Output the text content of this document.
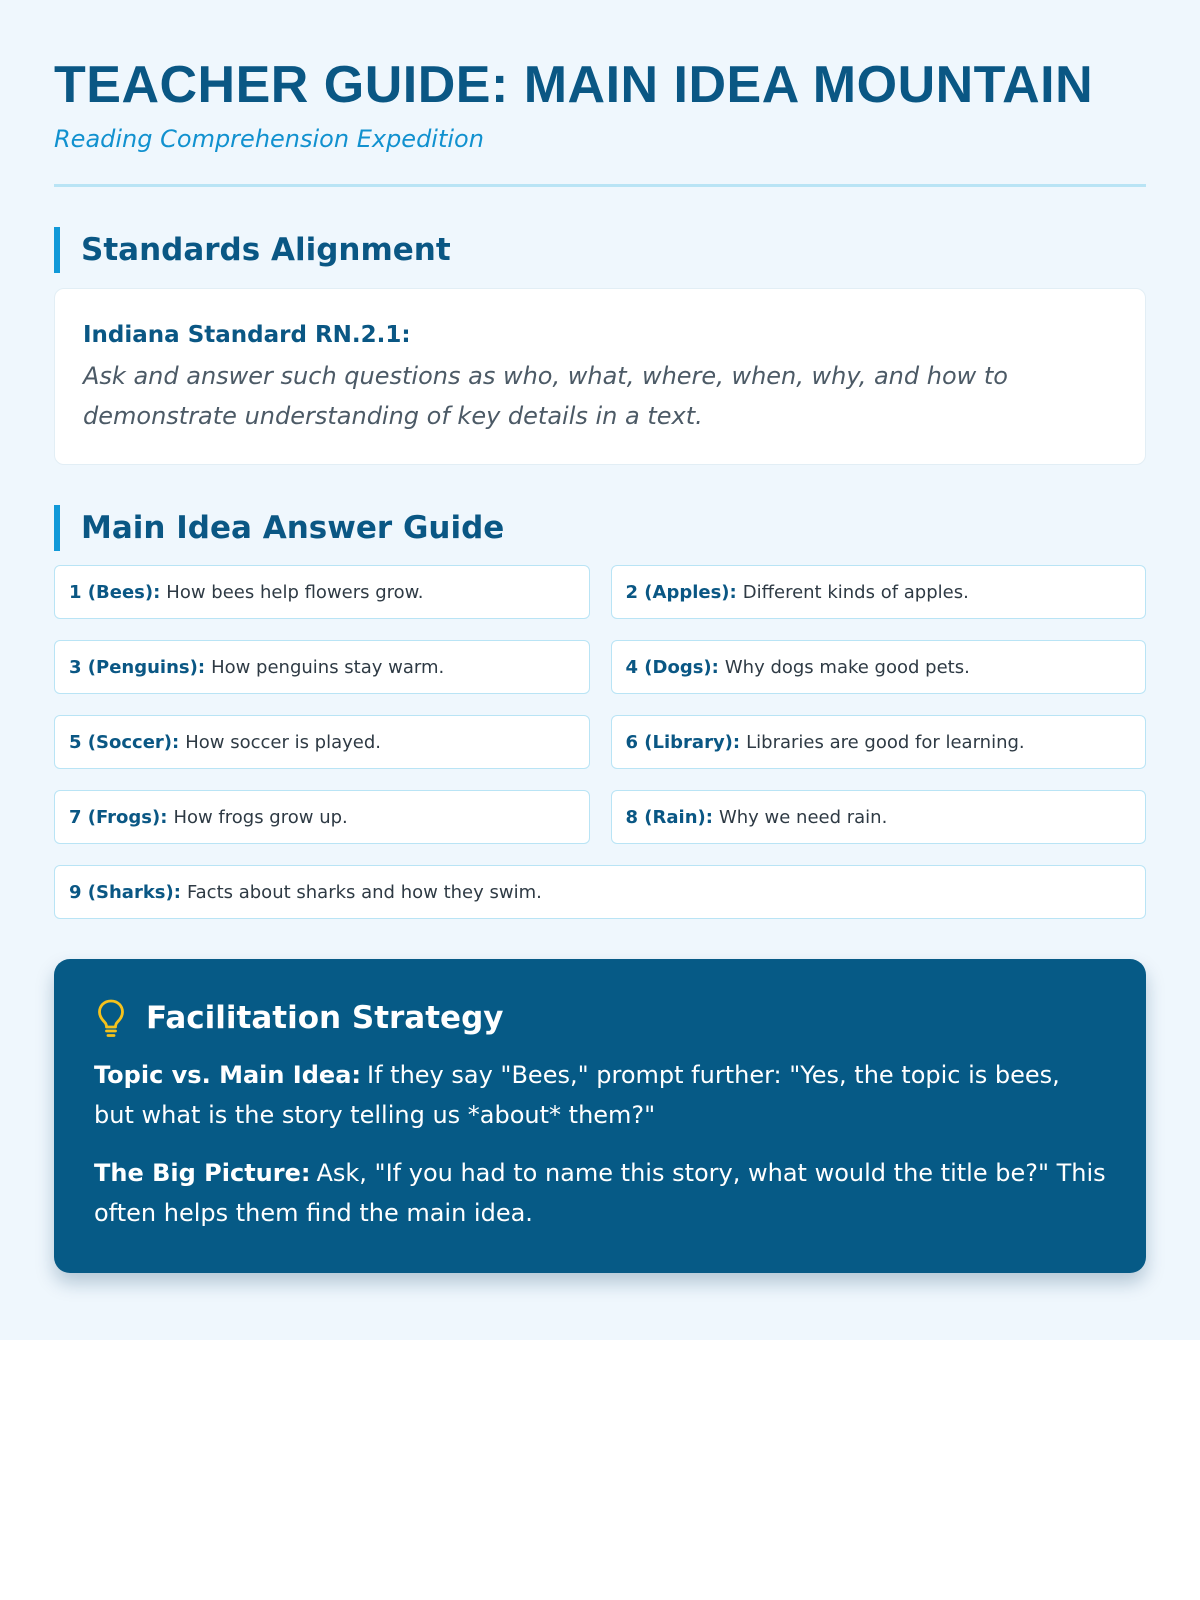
TEACHER GUIDE: MAIN IDEA MOUNTAIN
Reading Comprehension Expedition
Standards Alignment
Indiana Standard RN.2.1:
Ask and answer such questions as who, what, where, when, why, and how to demonstrate understanding of key details in a text.
Main Idea Answer Guide
1 (Bees): How bees help flowers grow.	2 (Apples): Different kinds of apples.
3 (Penguins): How penguins stay warm.	4 (Dogs): Why dogs make good pets.
5 (Soccer): How soccer is played.	6 (Library): Libraries are good for learning.
7 (Frogs): How frogs grow up.	8 (Rain): Why we need rain.
9 (Sharks): Facts about sharks and how they swim.
Facilitation Strategy
Topic vs. Main Idea: If they say "Bees," prompt further: "Yes, the topic is bees, but what is the story telling us *about* them?"
The Big Picture: Ask, "If you had to name this story, what would the title be?" This often helps them find the main idea.
